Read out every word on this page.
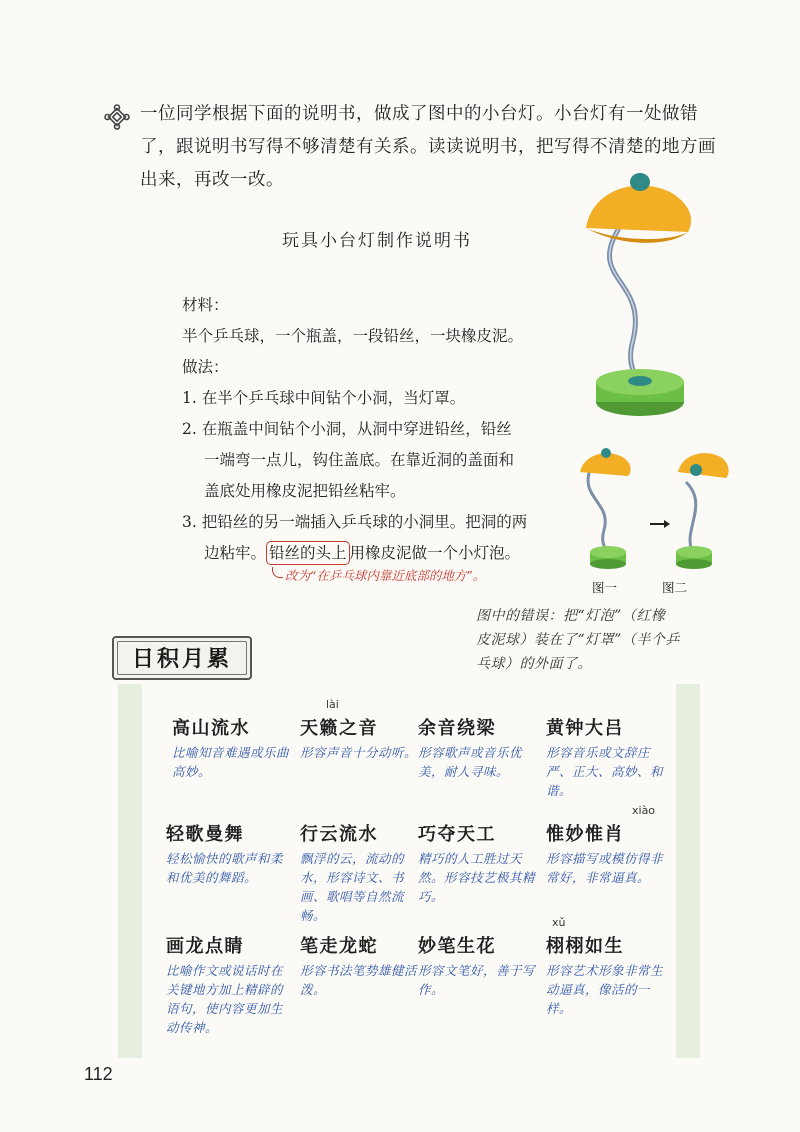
一位同学根据下面的说明书，做成了图中的小台灯。小台灯有一处做错
了，跟说明书写得不够清楚有关系。读读说明书，把写得不清楚的地方画
出来，再改一改。
玩具小台灯制作说明书
材料：
半个乒乓球，一个瓶盖，一段铅丝，一块橡皮泥。
做法：
1. 在半个乒乓球中间钻个小洞，当灯罩。
2. 在瓶盖中间钻个小洞，从洞中穿进铅丝，铅丝
一端弯一点儿，钩住盖底。在靠近洞的盖面和
盖底处用橡皮泥把铅丝粘牢。
3. 把铅丝的另一端插入乒乓球的小洞里。把洞的两
边粘牢。 铅丝的头上 用橡皮泥做一个小灯泡。
改为“在乒乓球内靠近底部的地方”。
图一	图二
图中的错误：把“灯泡”（红橡
皮泥球）装在了“灯罩”（半个乒
乓球）的外面了。
日积月累
高山流水
比喻知音难遇或乐曲高妙。
lài
天籁之音
形容声音十分动听。
余音绕梁
形容歌声或音乐优美，耐人寻味。
黄钟大吕
形容音乐或文辞庄严、正大、高妙、和谐。
轻歌曼舞
轻松愉快的歌声和柔和优美的舞蹈。
行云流水
飘浮的云，流动的水，形容诗文、书画、歌唱等自然流畅。
巧夺天工
精巧的人工胜过天然。形容技艺极其精巧。
xiào
惟妙惟肖
形容描写或模仿得非常好，非常逼真。
画龙点睛
比喻作文或说话时在关键地方加上精辟的语句，使内容更加生动传神。
笔走龙蛇
形容书法笔势雄健活泼。
妙笔生花
形容文笔好，善于写作。
xǔ
栩栩如生
形容艺术形象非常生动逼真，像活的一样。
112
